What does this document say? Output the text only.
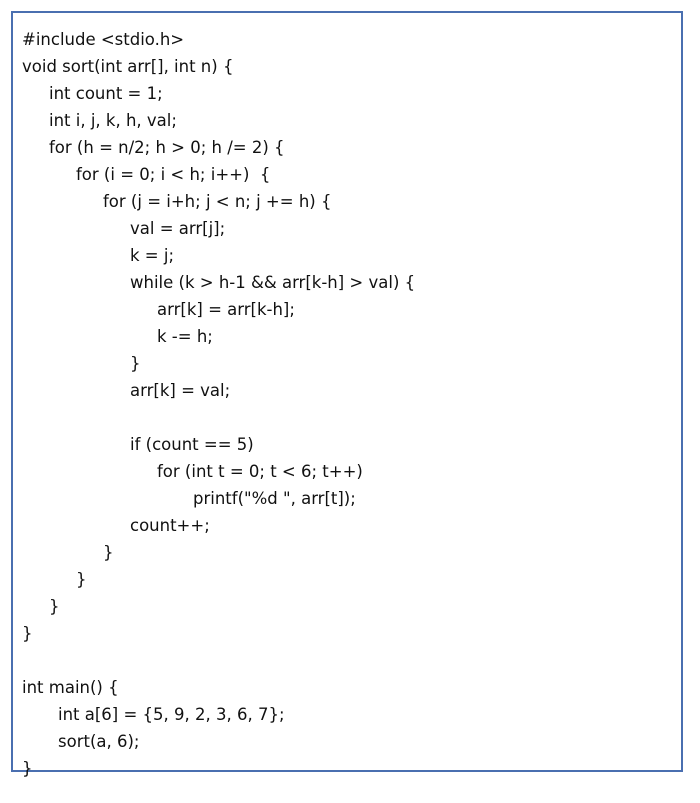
#include <stdio.h>
void sort(int arr[], int n) {
int count = 1;
int i, j, k, h, val;
for (h = n/2; h > 0; h /= 2) {
for (i = 0; i < h; i++)  {
for (j = i+h; j < n; j += h) {
val = arr[j];
k = j;
while (k > h-1 && arr[k-h] > val) {
arr[k] = arr[k-h];
k -= h;
}
arr[k] = val;
if (count == 5)
for (int t = 0; t < 6; t++)
printf("%d ", arr[t]);
count++;
}
}
}
}
int main() {
int a[6] = {5, 9, 2, 3, 6, 7};
sort(a, 6);
}
